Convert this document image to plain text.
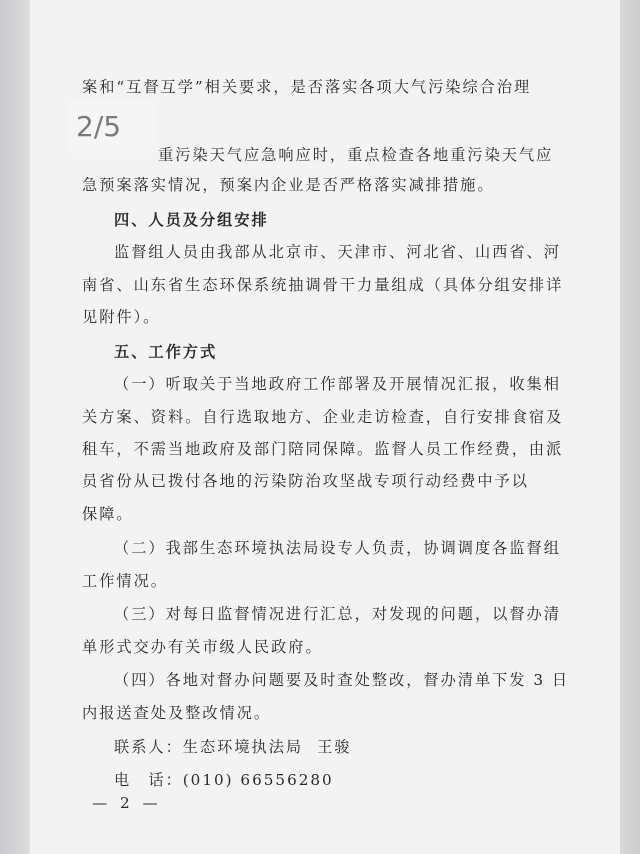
案和“互督互学”相关要求，是否落实各项大气污染综合治理
重污染天气应急响应时，重点检查各地重污染天气应
急预案落实情况，预案内企业是否严格落实减排措施。
四、人员及分组安排
监督组人员由我部从北京市、天津市、河北省、山西省、河
南省、山东省生态环保系统抽调骨干力量组成（具体分组安排详
见附件）。
五、工作方式
（一）听取关于当地政府工作部署及开展情况汇报，收集相
关方案、资料。自行选取地方、企业走访检查，自行安排食宿及
租车，不需当地政府及部门陪同保障。监督人员工作经费，由派
员省份从已拨付各地的污染防治攻坚战专项行动经费中予以
保障。
（二）我部生态环境执法局设专人负责，协调调度各监督组
工作情况。
（三）对每日监督情况进行汇总，对发现的问题，以督办清
单形式交办有关市级人民政府。
（四）各地对督办问题要及时查处整改，督办清单下发 3 日
内报送查处及整改情况。
联系人：生态环境执法局 王骏
电　话：(010) 66556280
— 2 —
2/5
